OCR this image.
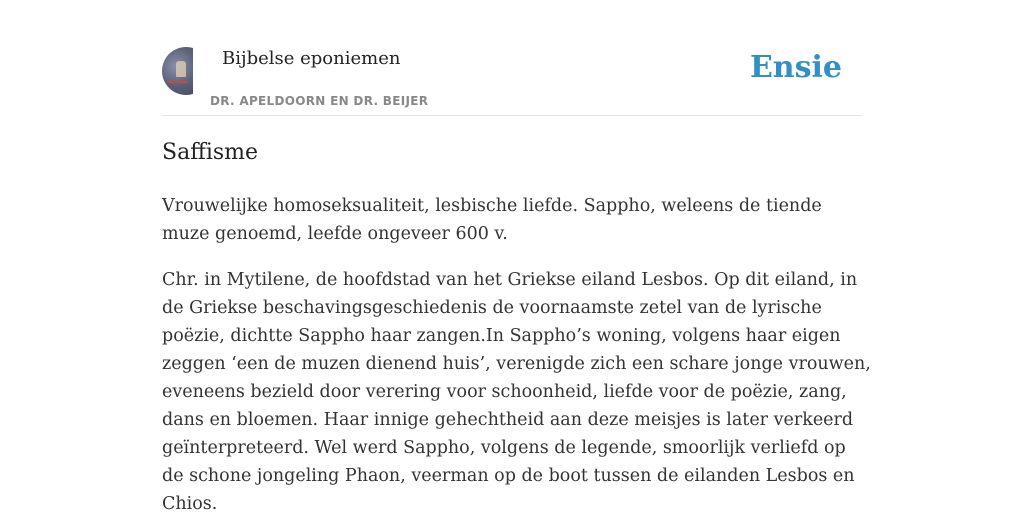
Bijbelse eponiemen
DR. APELDOORN EN DR. BEIJER
Ensie
Saffisme

Vrouwelijke homoseksualiteit, lesbische liefde. Sappho, weleens de tiende muze genoemd, leefde ongeveer 600 v.

Chr. in Mytilene, de hoofdstad van het Griekse eiland Lesbos. Op dit eiland, in de Griekse beschavingsgeschiedenis de voornaamste zetel van de lyrische poëzie, dichtte Sappho haar zangen.In Sappho’s woning, volgens haar eigen zeggen ‘een de muzen dienend huis’, verenigde zich een schare jonge vrouwen, eveneens bezield door verering voor schoonheid, liefde voor de poëzie, zang, dans en bloemen. Haar innige gehechtheid aan deze meisjes is later verkeerd geïnterpreteerd. Wel werd Sappho, volgens de legende, smoorlijk verliefd op de schone jongeling Phaon, veerman op de boot tussen de eilanden Lesbos en Chios.
